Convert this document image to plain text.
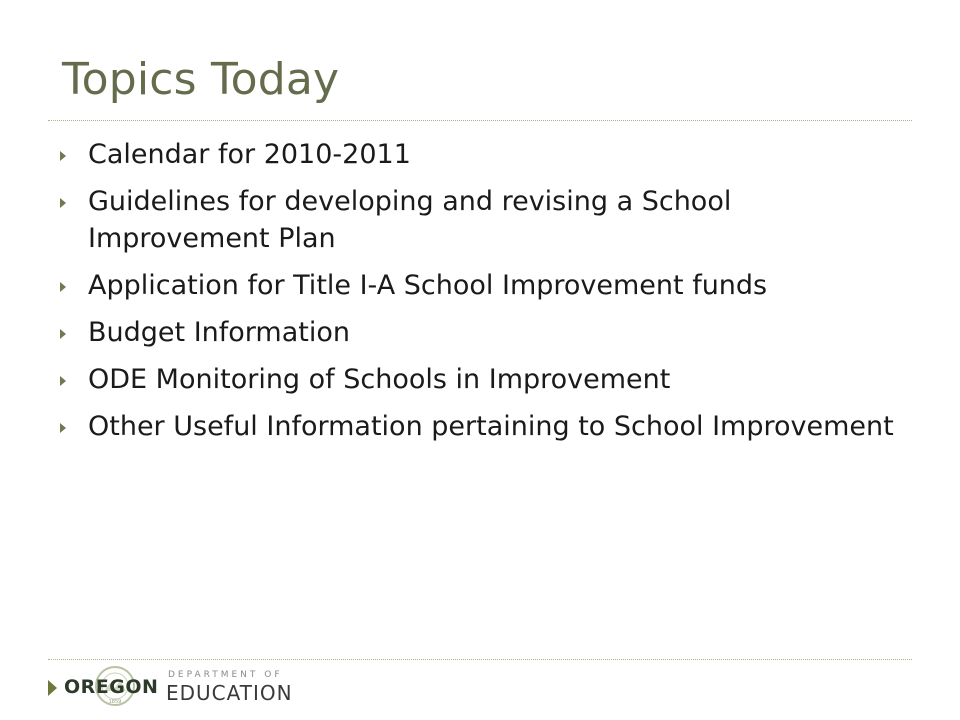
Topics Today
Calendar for 2010-2011
Guidelines for developing and revising a School Improvement Plan
Application for Title I-A School Improvement funds
Budget Information
ODE Monitoring of Schools in Improvement
Other Useful Information pertaining to School Improvement
1859
OREGON
DEPARTMENT OF
EDUCATION
